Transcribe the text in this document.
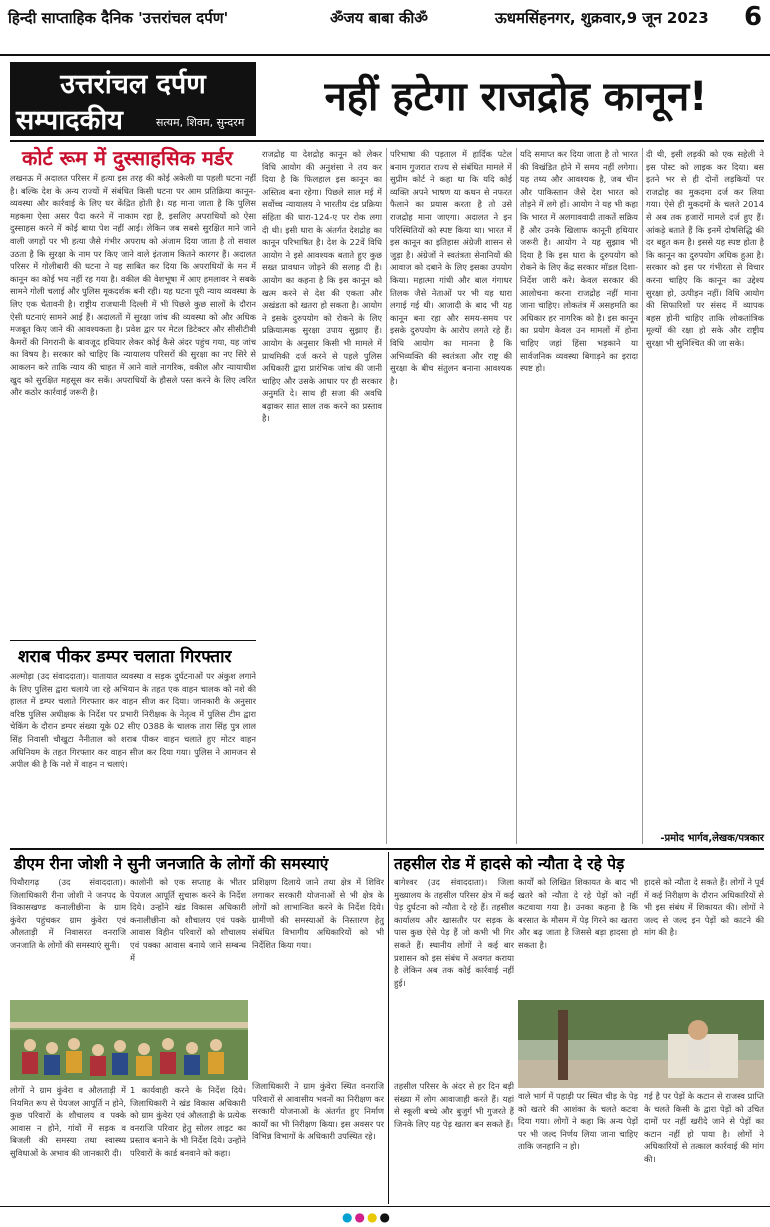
हिन्दी साप्ताहिक दैनिक 'उत्तरांचल दर्पण'	ॐजय बाबा कीॐ	ऊधमसिंहनगर, शुक्रवार,9 जून 2023 6
उत्तरांचल दर्पण
सम्पादकीय	सत्यम, शिवम, सुन्दरम
नहीं हटेगा राजद्रोह कानून!
कोर्ट रूम में दुस्साहसिक मर्डर
लखनऊ में अदालत परिसर में हत्या इस तरह की कोई अकेली या पहली घटना नहीं है। बल्कि देश के अन्य राज्यों में संबंधित किसी घटना पर आम प्रतिक्रिया कानून-व्यवस्था और कार्रवाई के लिए घर केंद्रित होती है। यह माना जाता है कि पुलिस महकमा ऐसा असर पैदा करने में नाकाम रहा है, इसलिए अपराधियों को ऐसा दुस्साहस करने में कोई बाधा पेश नहीं आई। लेकिन जब सबसे सुरक्षित माने जाने वाली जगहों पर भी हत्या जैसे गंभीर अपराध को अंजाम दिया जाता है तो सवाल उठता है कि सुरक्षा के नाम पर किए जाने वाले इंतजाम कितने कारगर हैं। अदालत परिसर में गोलीबारी की घटना ने यह साबित कर दिया कि अपराधियों के मन में कानून का कोई भय नहीं रह गया है। वकील की वेशभूषा में आए हमलावर ने सबके सामने गोली चलाई और पुलिस मूकदर्शक बनी रही। यह घटना पूरी न्याय व्यवस्था के लिए एक चेतावनी है। राष्ट्रीय राजधानी दिल्ली में भी पिछले कुछ सालों के दौरान ऐसी घटनाएं सामने आई हैं। अदालतों में सुरक्षा जांच की व्यवस्था को और अधिक मजबूत किए जाने की आवश्यकता है। प्रवेश द्वार पर मेटल डिटेक्टर और सीसीटीवी कैमरों की निगरानी के बावजूद हथियार लेकर कोई कैसे अंदर पहुंच गया, यह जांच का विषय है। सरकार को चाहिए कि न्यायालय परिसरों की सुरक्षा का नए सिरे से आकलन करे ताकि न्याय की चाहत में आने वाले नागरिक, वकील और न्यायाधीश खुद को सुरक्षित महसूस कर सकें। अपराधियों के हौसले पस्त करने के लिए त्वरित और कठोर कार्रवाई जरूरी है।
शराब पीकर डम्पर चलाता गिरफ्तार
अल्मोड़ा (उद संवाददाता)। यातायात व्यवस्था व सड़क दुर्घटनाओं पर अंकुश लगाने के लिए पुलिस द्वारा चलाये जा रहे अभियान के तहत एक वाहन चालक को नशे की हालत में डम्पर चलाते गिरफ्तार कर वाहन सीज कर दिया। जानकारी के अनुसार वरिष्ठ पुलिस अधीक्षक के निर्देश पर प्रभारी निरीक्षक के नेतृत्व में पुलिस टीम द्वारा चेकिंग के दौरान डम्पर संख्या यूके 02 सीए 0388 के चालक तारा सिंह पुत्र लाल सिंह निवासी चौखुटा नैनीताल को शराब पीकर वाहन चलाते हुए मोटर वाहन अधिनियम के तहत गिरफ्तार कर वाहन सीज कर दिया गया। पुलिस ने आमजन से अपील की है कि नशे में वाहन न चलाएं।
राजद्रोह या देशद्रोह कानून को लेकर विधि आयोग की अनुशंसा ने तय कर दिया है कि फिलहाल इस कानून का अस्तित्व बना रहेगा। पिछले साल मई में सर्वोच्च न्यायालय ने भारतीय दंड प्रक्रिया संहिता की धारा-124-ए पर रोक लगा दी थी। इसी धारा के अंतर्गत देशद्रोह का कानून परिभाषित है। देश के 22वें विधि आयोग ने इसे आवश्यक बताते हुए कुछ सख्त प्रावधान जोड़ने की सलाह दी है। आयोग का कहना है कि इस कानून को खत्म करने से देश की एकता और अखंडता को खतरा हो सकता है। आयोग ने इसके दुरुपयोग को रोकने के लिए प्रक्रियात्मक सुरक्षा उपाय सुझाए हैं। आयोग के अनुसार किसी भी मामले में प्राथमिकी दर्ज करने से पहले पुलिस अधिकारी द्वारा प्रारंभिक जांच की जानी चाहिए और उसके आधार पर ही सरकार अनुमति दे। साथ ही सजा की अवधि बढ़ाकर सात साल तक करने का प्रस्ताव है।
परिभाषा की पड़ताल में हार्दिक पटेल बनाम गुजरात राज्य से संबंधित मामले में सुप्रीम कोर्ट ने कहा था कि यदि कोई व्यक्ति अपने भाषण या कथन से नफरत फैलाने का प्रयास करता है तो उसे राजद्रोह माना जाएगा। अदालत ने इन परिस्थितियों को स्पष्ट किया था। भारत में इस कानून का इतिहास अंग्रेजी शासन से जुड़ा है। अंग्रेजों ने स्वतंत्रता सेनानियों की आवाज को दबाने के लिए इसका उपयोग किया। महात्मा गांधी और बाल गंगाधर तिलक जैसे नेताओं पर भी यह धारा लगाई गई थी। आजादी के बाद भी यह कानून बना रहा और समय-समय पर इसके दुरुपयोग के आरोप लगते रहे हैं। विधि आयोग का मानना है कि अभिव्यक्ति की स्वतंत्रता और राष्ट्र की सुरक्षा के बीच संतुलन बनाना आवश्यक है।
यदि समाप्त कर दिया जाता है तो भारत की विखंडित होने में समय नहीं लगेगा। यह तथ्य और आवश्यक है, जब चीन और पाकिस्तान जैसे देश भारत को तोड़ने में लगे हों। आयोग ने यह भी कहा कि भारत में अलगाववादी ताकतें सक्रिय हैं और उनके खिलाफ कानूनी हथियार जरूरी है। आयोग ने यह सुझाव भी दिया है कि इस धारा के दुरुपयोग को रोकने के लिए केंद्र सरकार मॉडल दिशा-निर्देश जारी करे। केवल सरकार की आलोचना करना राजद्रोह नहीं माना जाना चाहिए। लोकतंत्र में असहमति का अधिकार हर नागरिक को है। इस कानून का प्रयोग केवल उन मामलों में होना चाहिए जहां हिंसा भड़काने या सार्वजनिक व्यवस्था बिगाड़ने का इरादा स्पष्ट हो।
दी थी, इसी लड़की को एक सहेली ने इस पोस्ट को लाइक कर दिया। बस इतने भर से ही दोनों लड़कियों पर राजद्रोह का मुकदमा दर्ज कर लिया गया। ऐसे ही मुकदमों के चलते 2014 से अब तक हजारों मामले दर्ज हुए हैं। आंकड़े बताते हैं कि इनमें दोषसिद्धि की दर बहुत कम है। इससे यह स्पष्ट होता है कि कानून का दुरुपयोग अधिक हुआ है। सरकार को इस पर गंभीरता से विचार करना चाहिए कि कानून का उद्देश्य सुरक्षा हो, उत्पीड़न नहीं। विधि आयोग की सिफारिशों पर संसद में व्यापक बहस होनी चाहिए ताकि लोकतांत्रिक मूल्यों की रक्षा हो सके और राष्ट्रीय सुरक्षा भी सुनिश्चित की जा सके।
-प्रमोद भार्गव,लेखक/पत्रकार
डीएम रीना जोशी ने सुनी जनजाति के लोगों की समस्याएं
पिथौरागढ़ (उद संवाददाता)। जिलाधिकारी रीना जोशी ने जनपद के विकासखण्ड कनालीछीना के ग्राम कुंवेरा पहुंचकर ग्राम कुंवेरा एवं औलताड़ी में निवासरत वनराजि जनजाति के लोगों की समस्याएं सुनी।
कालोनी को एक सप्ताह के भीतर पेयजल आपूर्ति सुचारू करने के निर्देश दिये। उन्होंने खंड विकास अधिकारी कनालीछीना को शौचालय एवं पक्के आवास विहीन परिवारों को शौचालय एवं पक्का आवास बनाये जाने सम्बन्ध में
प्रशिक्षण दिलाये जाने तथा क्षेत्र में शिविर लगाकर सरकारी योजनाओं से भी क्षेत्र के लोगों को लाभान्वित करने के निर्देश दिये। ग्रामीणों की समस्याओं के निस्तारण हेतु संबंधित विभागीय अधिकारियों को भी निर्देशित किया गया।
लोगों ने ग्राम कुंवेरा व औलताड़ी में नियमित रूप से पेयजल आपूर्ति न होने, कुछ परिवारों के शौचालय व पक्के आवास न होने, गांवों में सड़क व बिजली की समस्या तथा स्वास्थ्य सुविधाओं के अभाव की जानकारी दी।
1 कार्यवाही करने के निर्देश दिये। जिलाधिकारी ने खंड विकास अधिकारी को ग्राम कुंवेरा एवं औलताड़ी के प्रत्येक वनराजि परिवार हेतु सोलर लाइट का प्रस्ताव बनाने के भी निर्देश दिये। उन्होंने परिवारों के कार्ड बनवाने को कहा।
जिलाधिकारी ने ग्राम कुंवेरा स्थित वनराजि परिवारों से आवासीय भवनों का निरीक्षण कर सरकारी योजनाओं के अंतर्गत हुए निर्माण कार्यों का भी निरीक्षण किया। इस अवसर पर विभिन्न विभागों के अधिकारी उपस्थित रहे।
तहसील रोड में हादसे को न्यौता दे रहे पेड़
बागेश्वर (उद संवाददाता)। जिला मुख्यालय के तहसील परिसर क्षेत्र में कई पेड़ दुर्घटना को न्यौता दे रहे हैं। तहसील कार्यालय और खासतौर पर सड़क के पास कुछ ऐसे पेड़ हैं जो कभी भी गिर सकते हैं। स्थानीय लोगों ने कई बार प्रशासन को इस संबंध में अवगत कराया है लेकिन अब तक कोई कार्रवाई नहीं हुई।
कार्यों को लिखित शिकायत के बाद भी खतरे को न्यौता दे रहे पेड़ों को नहीं कटवाया गया है। उनका कहना है कि बरसात के मौसम में पेड़ गिरने का खतरा और बढ़ जाता है जिससे बड़ा हादसा हो सकता है।
हादसे को न्यौता दे सकते हैं। लोगों ने पूर्व में कई निरीक्षण के दौरान अधिकारियों से भी इस संबंध में शिकायत की। लोगों ने जल्द से जल्द इन पेड़ों को काटने की मांग की है।
तहसील परिसर के अंदर से हर दिन बड़ी संख्या में लोग आवाजाही करते हैं। यहां से स्कूली बच्चे और बुजुर्ग भी गुजरते हैं जिनके लिए यह पेड़ खतरा बन सकते हैं।
वाले भार्ग में पहाड़ी पर स्थित चीड़ के पेड़ को खतरे की आशंका के चलते कटवा दिया गया। लोगों ने कहा कि अन्य पेड़ों पर भी जल्द निर्णय लिया जाना चाहिए ताकि जनहानि न हो।
गई है पर पेड़ों के कटान से राजस्व प्राप्ति के चलते किसी के द्वारा पेड़ों को उचित दामों पर नहीं खरीदे जाने से पेड़ों का कटान नहीं हो पाया है। लोगों ने अधिकारियों से तत्काल कार्रवाई की मांग की।
●●●●
